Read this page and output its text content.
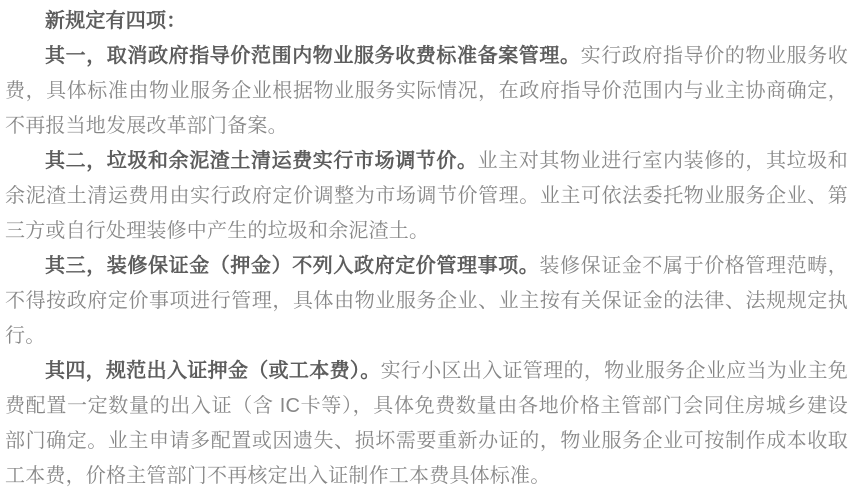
新规定有四项：

其一，取消政府指导价范围内物业服务收费标准备案管理。实行政府指导价的物业服务收费，具体标准由物业服务企业根据物业服务实际情况，在政府指导价范围内与业主协商确定，不再报当地发展改革部门备案。

其二，垃圾和余泥渣土清运费实行市场调节价。业主对其物业进行室内装修的，其垃圾和余泥渣土清运费用由实行政府定价调整为市场调节价管理。业主可依法委托物业服务企业、第三方或自行处理装修中产生的垃圾和余泥渣土。

其三，装修保证金（押金）不列入政府定价管理事项。装修保证金不属于价格管理范畴，不得按政府定价事项进行管理，具体由物业服务企业、业主按有关保证金的法律、法规规定执行。

其四，规范出入证押金（或工本费）。实行小区出入证管理的，物业服务企业应当为业主免费配置一定数量的出入证（含 IC卡等），具体免费数量由各地价格主管部门会同住房城乡建设部门确定。业主申请多配置或因遗失、损坏需要重新办证的，物业服务企业可按制作成本收取工本费，价格主管部门不再核定出入证制作工本费具体标准。
